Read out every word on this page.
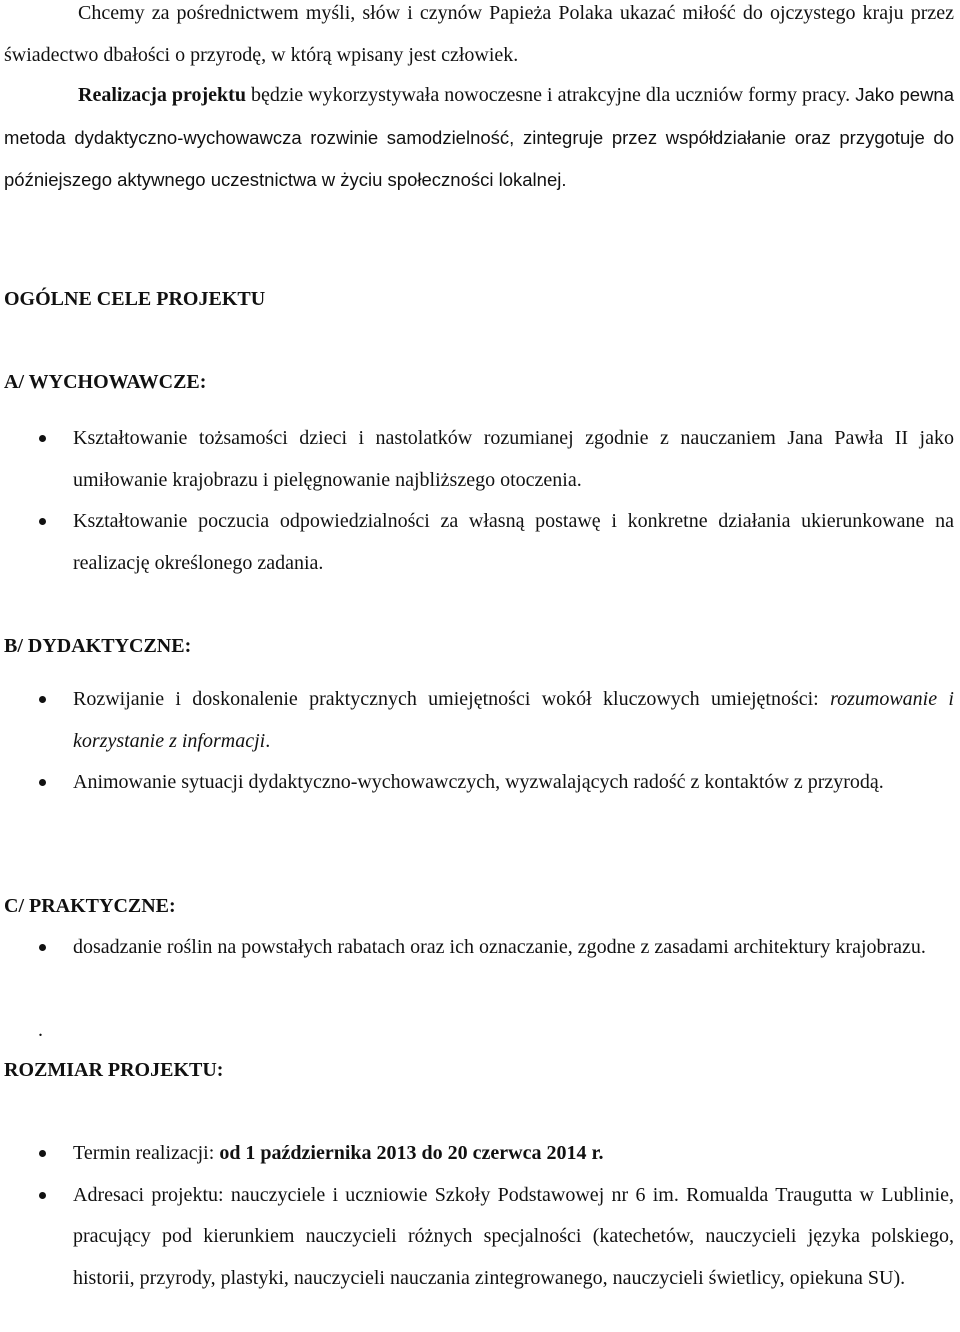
Chcemy za pośrednictwem myśli, słów i czynów Papieża Polaka ukazać miłość do ojczystego kraju przez świadectwo dbałości o przyrodę, w którą wpisany jest człowiek.

Realizacja projektu będzie wykorzystywała nowoczesne i atrakcyjne dla uczniów formy pracy. Jako pewna metoda dydaktyczno-wychowawcza rozwinie samodzielność, zintegruje przez współdziałanie oraz przygotuje do późniejszego aktywnego uczestnictwa w życiu społeczności lokalnej.

OGÓLNE CELE PROJEKTU
A/ WYCHOWAWCZE:
Kształtowanie tożsamości dzieci i nastolatków rozumianej zgodnie z nauczaniem Jana Pawła II jako umiłowanie krajobrazu i pielęgnowanie najbliższego otoczenia.
Kształtowanie poczucia odpowiedzialności za własną postawę i konkretne działania ukierunkowane na realizację określonego zadania.
B/ DYDAKTYCZNE:
Rozwijanie i doskonalenie praktycznych umiejętności wokół kluczowych umiejętności: rozumowanie i korzystanie z informacji.
Animowanie sytuacji dydaktyczno-wychowawczych, wyzwalających radość z kontaktów z przyrodą.
C/ PRAKTYCZNE:
dosadzanie roślin na powstałych rabatach oraz ich oznaczanie, zgodne z zasadami architektury krajobrazu.
.
ROZMIAR PROJEKTU:
Termin realizacji: od 1 października 2013 do 20 czerwca 2014 r.
Adresaci projektu: nauczyciele i uczniowie Szkoły Podstawowej nr 6 im. Romualda Traugutta w Lublinie, pracujący pod kierunkiem nauczycieli różnych specjalności (katechetów, nauczycieli języka polskiego, historii, przyrody, plastyki, nauczycieli nauczania zintegrowanego, nauczycieli świetlicy, opiekuna SU).
